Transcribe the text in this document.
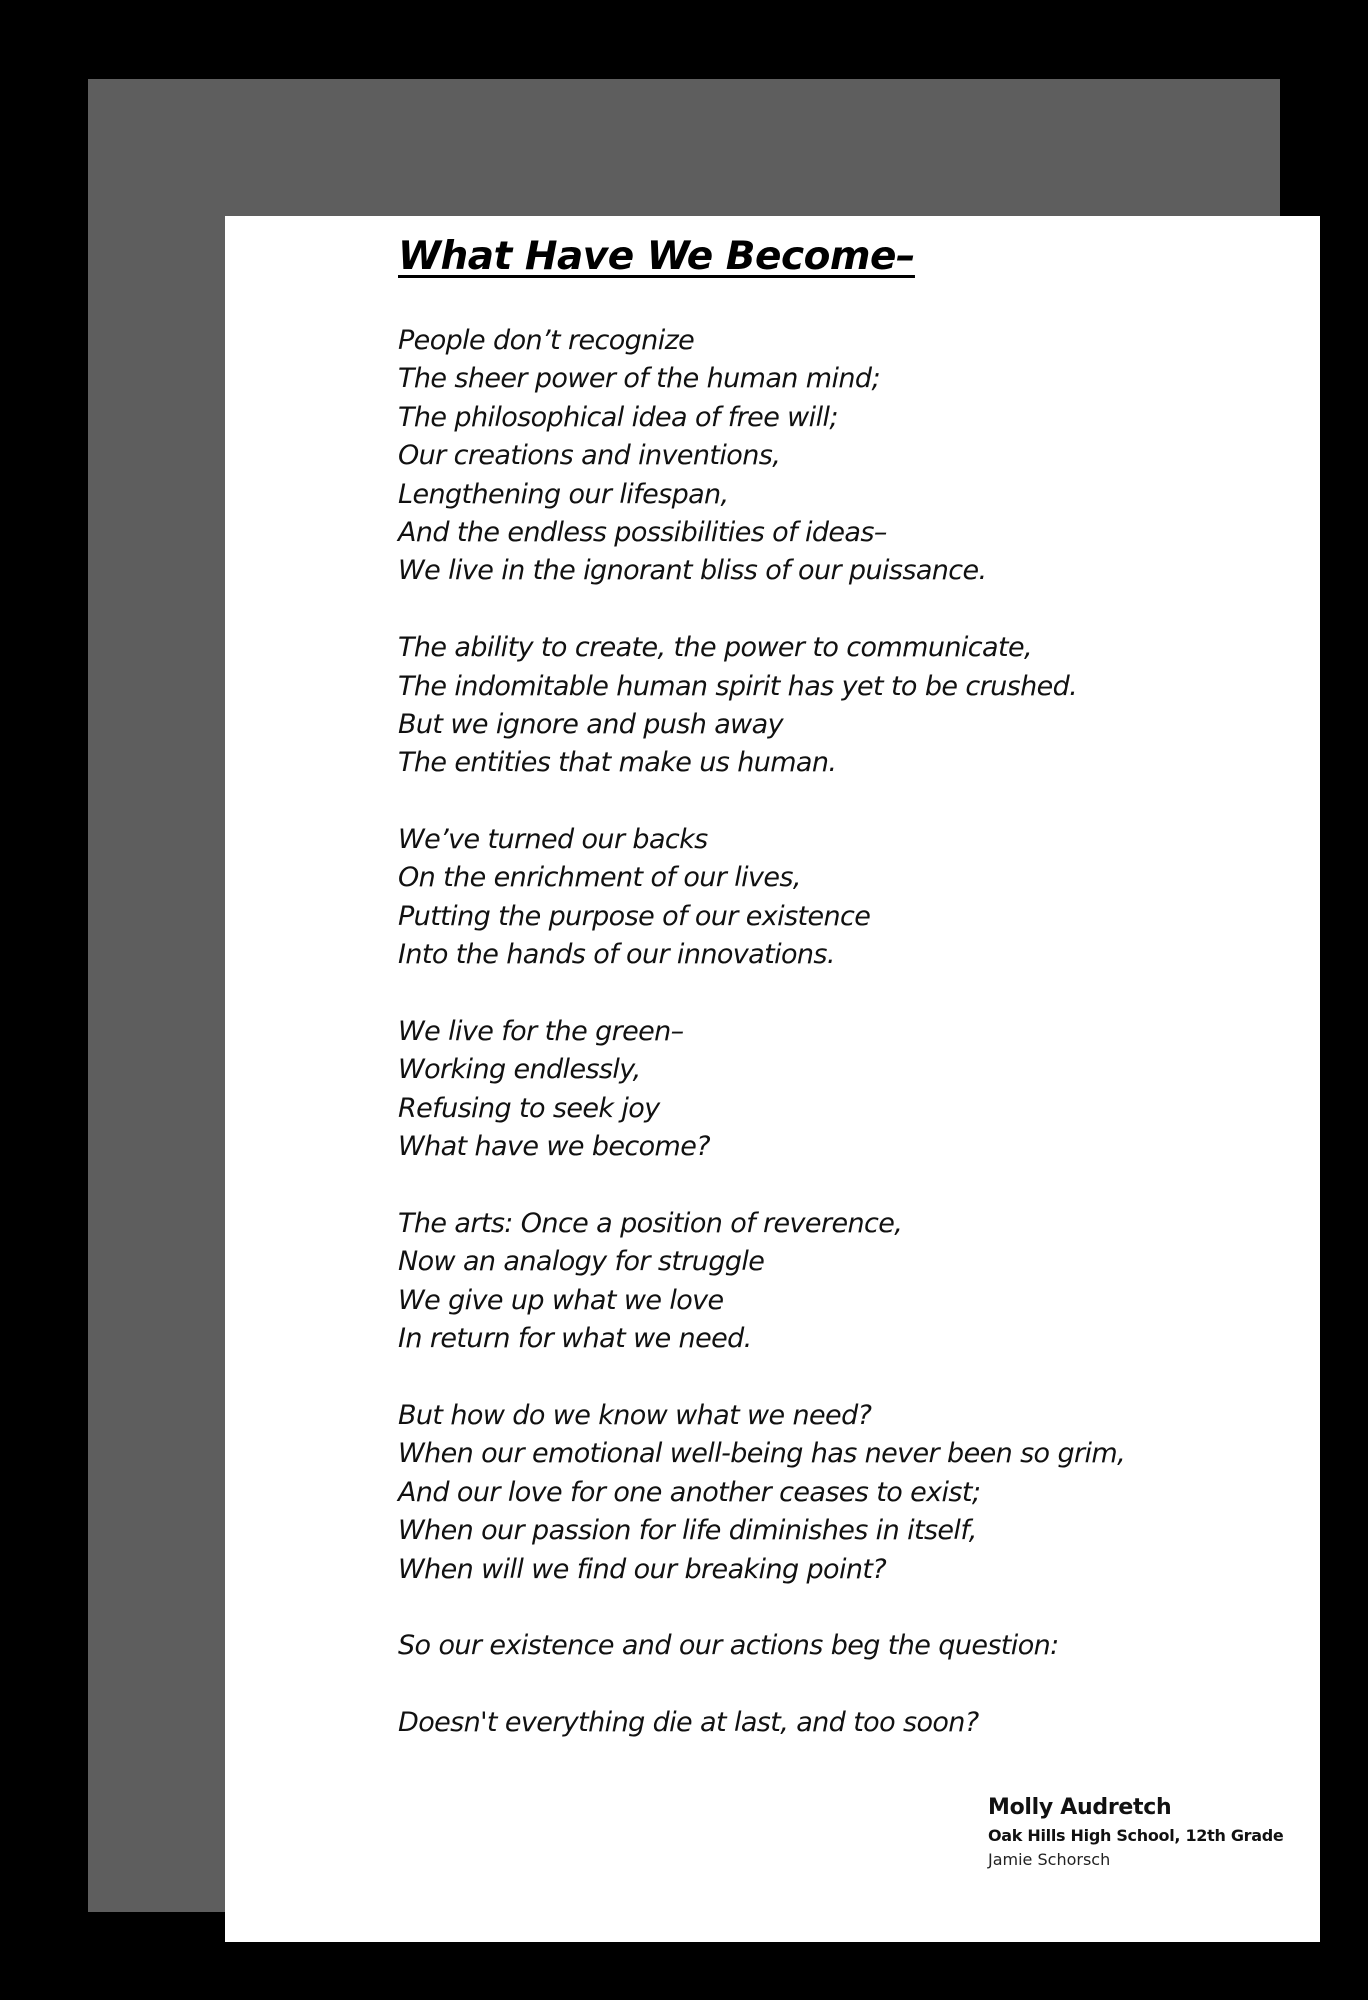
What Have We Become–
People don’t recognize
The sheer power of the human mind;
The philosophical idea of free will;
Our creations and inventions,
Lengthening our lifespan,
And the endless possibilities of ideas–
We live in the ignorant bliss of our puissance.
The ability to create, the power to communicate,
The indomitable human spirit has yet to be crushed.
But we ignore and push away
The entities that make us human.
We’ve turned our backs
On the enrichment of our lives,
Putting the purpose of our existence
Into the hands of our innovations.
We live for the green–
Working endlessly,
Refusing to seek joy
What have we become?
The arts: Once a position of reverence,
Now an analogy for struggle
We give up what we love
In return for what we need.
But how do we know what we need?
When our emotional well-being has never been so grim,
And our love for one another ceases to exist;
When our passion for life diminishes in itself,
When will we find our breaking point?
So our existence and our actions beg the question:
Doesn't everything die at last, and too soon?
Molly Audretch
Oak Hills High School, 12th Grade
Jamie Schorsch
